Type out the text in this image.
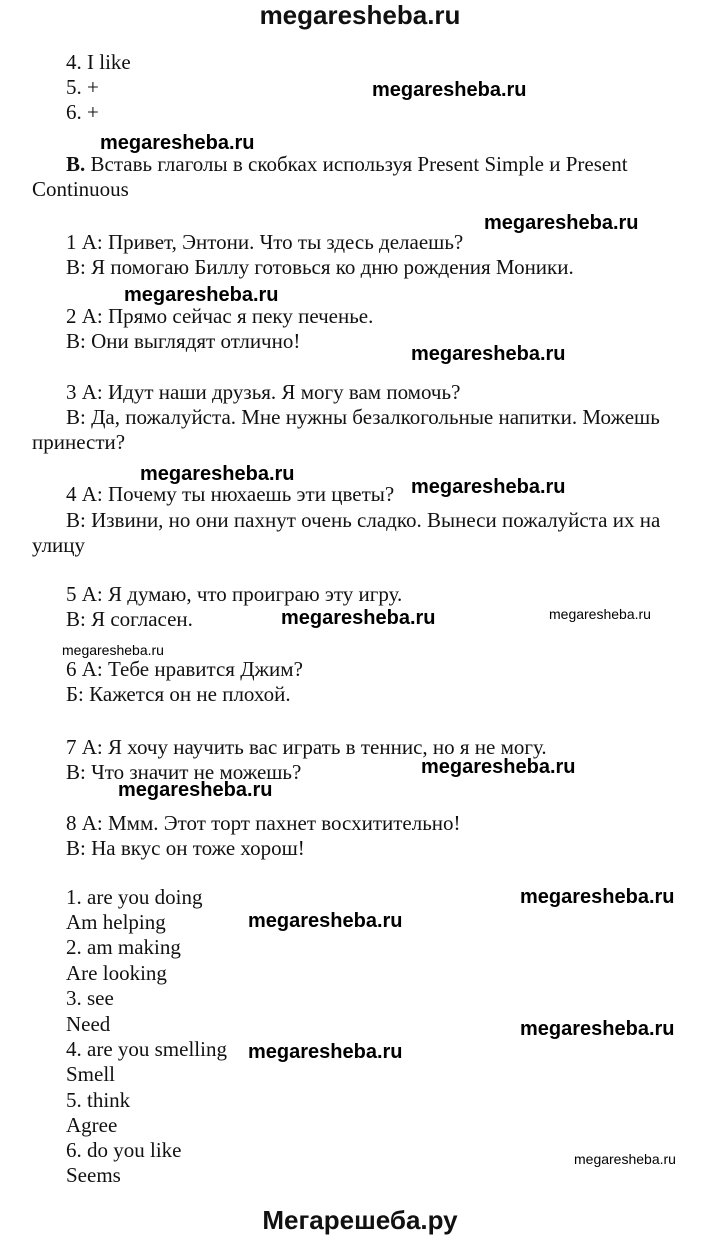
megaresheba.ru
4. I like
5. +
6. +
B. Вставь глаголы в скобках используя Present Simple и Present
Continuous
1 А: Привет, Энтони. Что ты здесь делаешь?
B: Я помогаю Биллу готовься ко дню рождения Моники.
2 А: Прямо сейчас я пеку печенье.
B: Они выглядят отлично!
3 А: Идут наши друзья. Я могу вам помочь?
B: Да, пожалуйста. Мне нужны безалкогольные напитки. Можешь
принести?
4 А: Почему ты нюхаешь эти цветы?
B: Извини, но они пахнут очень сладко. Вынеси пожалуйста их на
улицу
5 А: Я думаю, что проиграю эту игру.
B: Я согласен.
6 А: Тебе нравится Джим?
Б: Кажется он не плохой.
7 А: Я хочу научить вас играть в теннис, но я не могу.
B: Что значит не можешь?
8 А: Ммм. Этот торт пахнет восхитительно!
B: На вкус он тоже хорош!
1. are you doing
Am helping
2. am making
Are looking
3. see
Need
4. are you smelling
Smell
5. think
Agree
6. do you like
Seems
megaresheba.ru
megaresheba.ru
megaresheba.ru
megaresheba.ru
megaresheba.ru
megaresheba.ru
megaresheba.ru
megaresheba.ru	megaresheba.ru
megaresheba.ru
megaresheba.ru
megaresheba.ru
megaresheba.ru
megaresheba.ru
megaresheba.ru
megaresheba.ru
megaresheba.ru
Мегарешеба.ру
